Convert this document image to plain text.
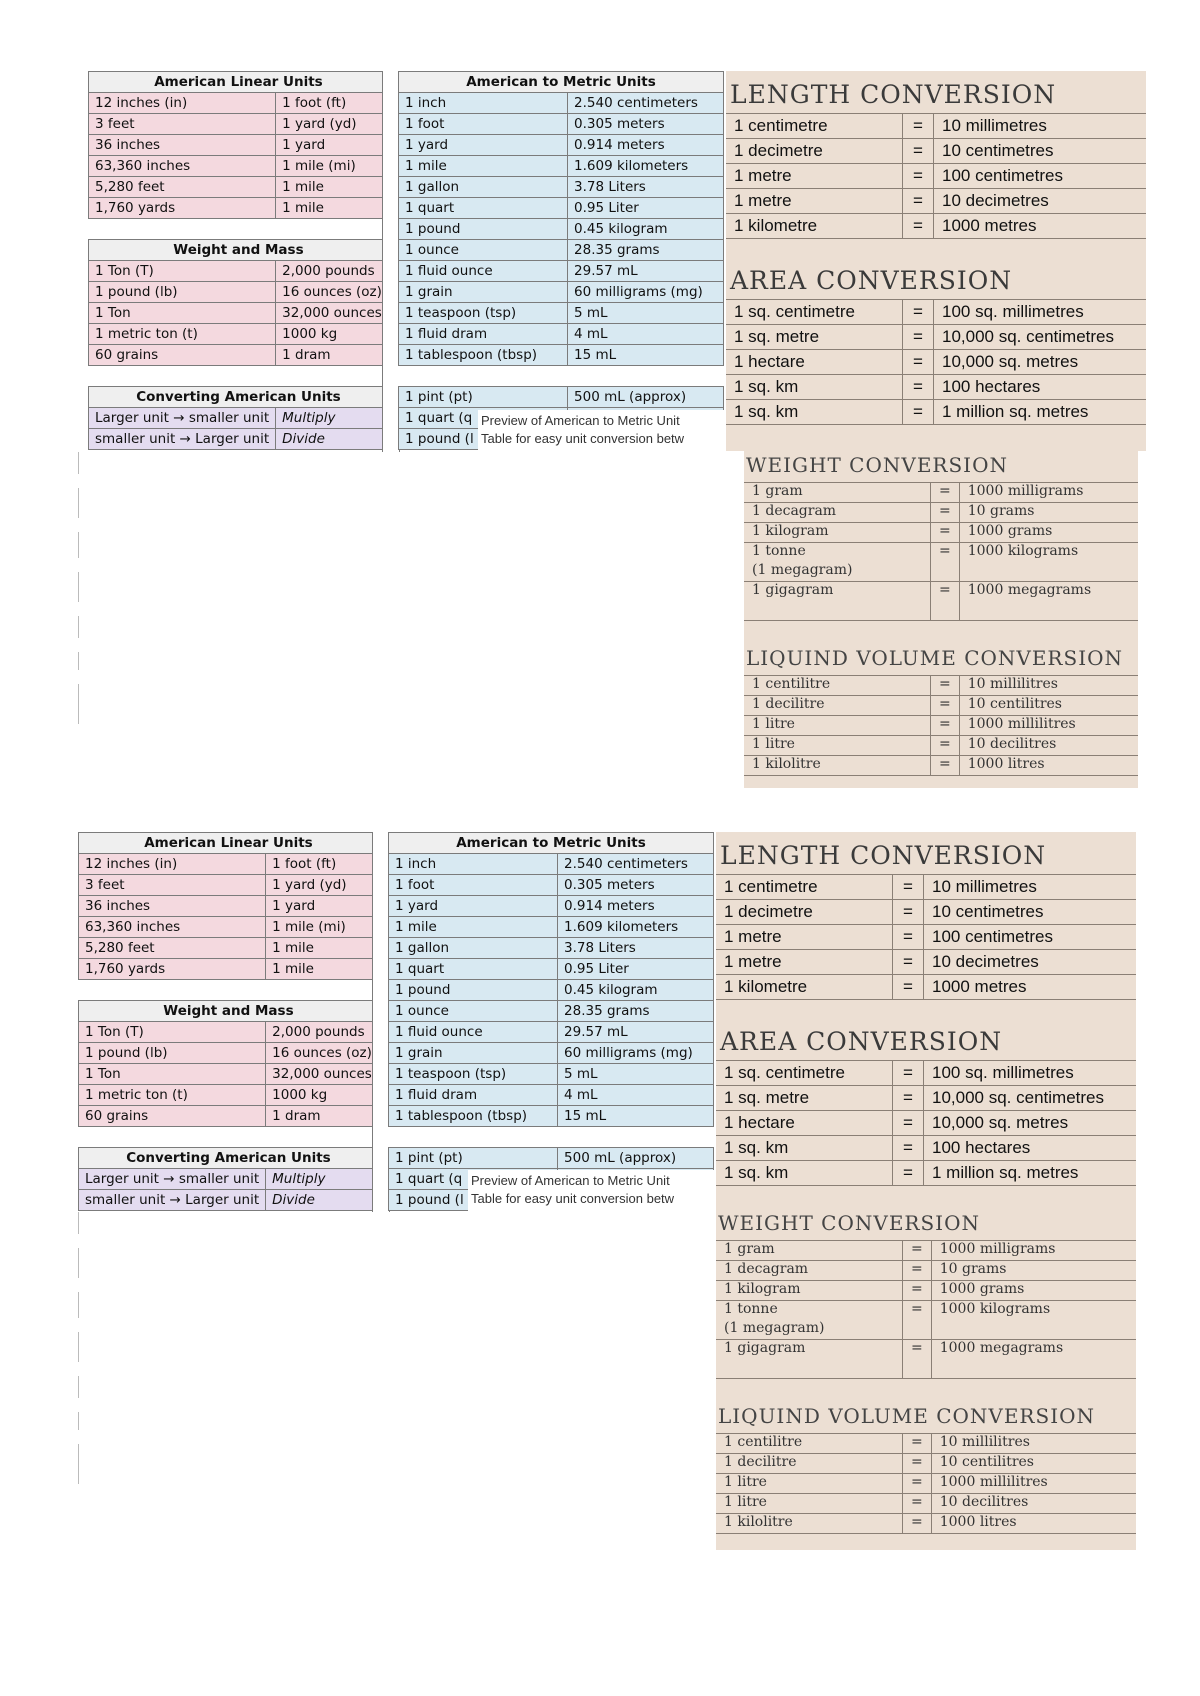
American Linear Units	
12 inches (in)	1 foot (ft)
3 feet	1 yard (yd)
36 inches	1 yard
63,360 inches	1 mile (mi)
5,280 feet	1 mile
1,760 yards	1 mile

Weight and Mass	
1 Ton (T)	2,000 pounds
1 pound (lb)	16 ounces (oz)
1 Ton	32,000 ounces
1 metric ton (t)	1000 kg
60 grains	1 dram

Converting American Units	
Larger unit → smaller unit	Multiply
smaller unit → Larger unit	Divide
American to Metric Units	
1 inch	2.540 centimeters
1 foot	0.305 meters
1 yard	0.914 meters
1 mile	1.609 kilometers
1 gallon	3.78 Liters
1 quart	0.95 Liter
1 pound	0.45 kilogram
1 ounce	28.35 grams
1 fluid ounce	29.57 mL
1 grain	60 milligrams (mg)
1 teaspoon (tsp)	5 mL
1 fluid dram	4 mL
1 tablespoon (tbsp)	15 mL

1 pint (pt)	500 mL (approx)
1 quart (q	
1 pound (l	
Preview of American to Metric Unit
Table for easy unit conversion betw
LENGTH CONVERSION
1 centimetre	=	10 millimetres
1 decimetre	=	10 centimetres
1 metre	=	100 centimetres
1 metre	=	10 decimetres
1 kilometre	=	1000 metres
AREA CONVERSION
1 sq. centimetre	=	100 sq. millimetres
1 sq. metre	=	10,000 sq. centimetres
1 hectare	=	10,000 sq. metres
1 sq. km	=	100 hectares
1 sq. km	=	1 million sq. metres
WEIGHT CONVERSION
1 gram	=	1000 milligrams
1 decagram	=	10 grams
1 kilogram	=	1000 grams
1 tonne	=	1000 kilograms
(1 megagram)		
1 gigagram	=	1000 megagrams
LIQUIND VOLUME CONVERSION
1 centilitre	=	10 millilitres
1 decilitre	=	10 centilitres
1 litre	=	1000 millilitres
1 litre	=	10 decilitres
1 kilolitre	=	1000 litres
American Linear Units	
12 inches (in)	1 foot (ft)
3 feet	1 yard (yd)
36 inches	1 yard
63,360 inches	1 mile (mi)
5,280 feet	1 mile
1,760 yards	1 mile

Weight and Mass	
1 Ton (T)	2,000 pounds
1 pound (lb)	16 ounces (oz)
1 Ton	32,000 ounces
1 metric ton (t)	1000 kg
60 grains	1 dram

Converting American Units	
Larger unit → smaller unit	Multiply
smaller unit → Larger unit	Divide
American to Metric Units	
1 inch	2.540 centimeters
1 foot	0.305 meters
1 yard	0.914 meters
1 mile	1.609 kilometers
1 gallon	3.78 Liters
1 quart	0.95 Liter
1 pound	0.45 kilogram
1 ounce	28.35 grams
1 fluid ounce	29.57 mL
1 grain	60 milligrams (mg)
1 teaspoon (tsp)	5 mL
1 fluid dram	4 mL
1 tablespoon (tbsp)	15 mL

1 pint (pt)	500 mL (approx)
1 quart (q	
1 pound (l	
Preview of American to Metric Unit
Table for easy unit conversion betw
LENGTH CONVERSION
1 centimetre	=	10 millimetres
1 decimetre	=	10 centimetres
1 metre	=	100 centimetres
1 metre	=	10 decimetres
1 kilometre	=	1000 metres
AREA CONVERSION
1 sq. centimetre	=	100 sq. millimetres
1 sq. metre	=	10,000 sq. centimetres
1 hectare	=	10,000 sq. metres
1 sq. km	=	100 hectares
1 sq. km	=	1 million sq. metres
WEIGHT CONVERSION
1 gram	=	1000 milligrams
1 decagram	=	10 grams
1 kilogram	=	1000 grams
1 tonne	=	1000 kilograms
(1 megagram)		
1 gigagram	=	1000 megagrams
LIQUIND VOLUME CONVERSION
1 centilitre	=	10 millilitres
1 decilitre	=	10 centilitres
1 litre	=	1000 millilitres
1 litre	=	10 decilitres
1 kilolitre	=	1000 litres
